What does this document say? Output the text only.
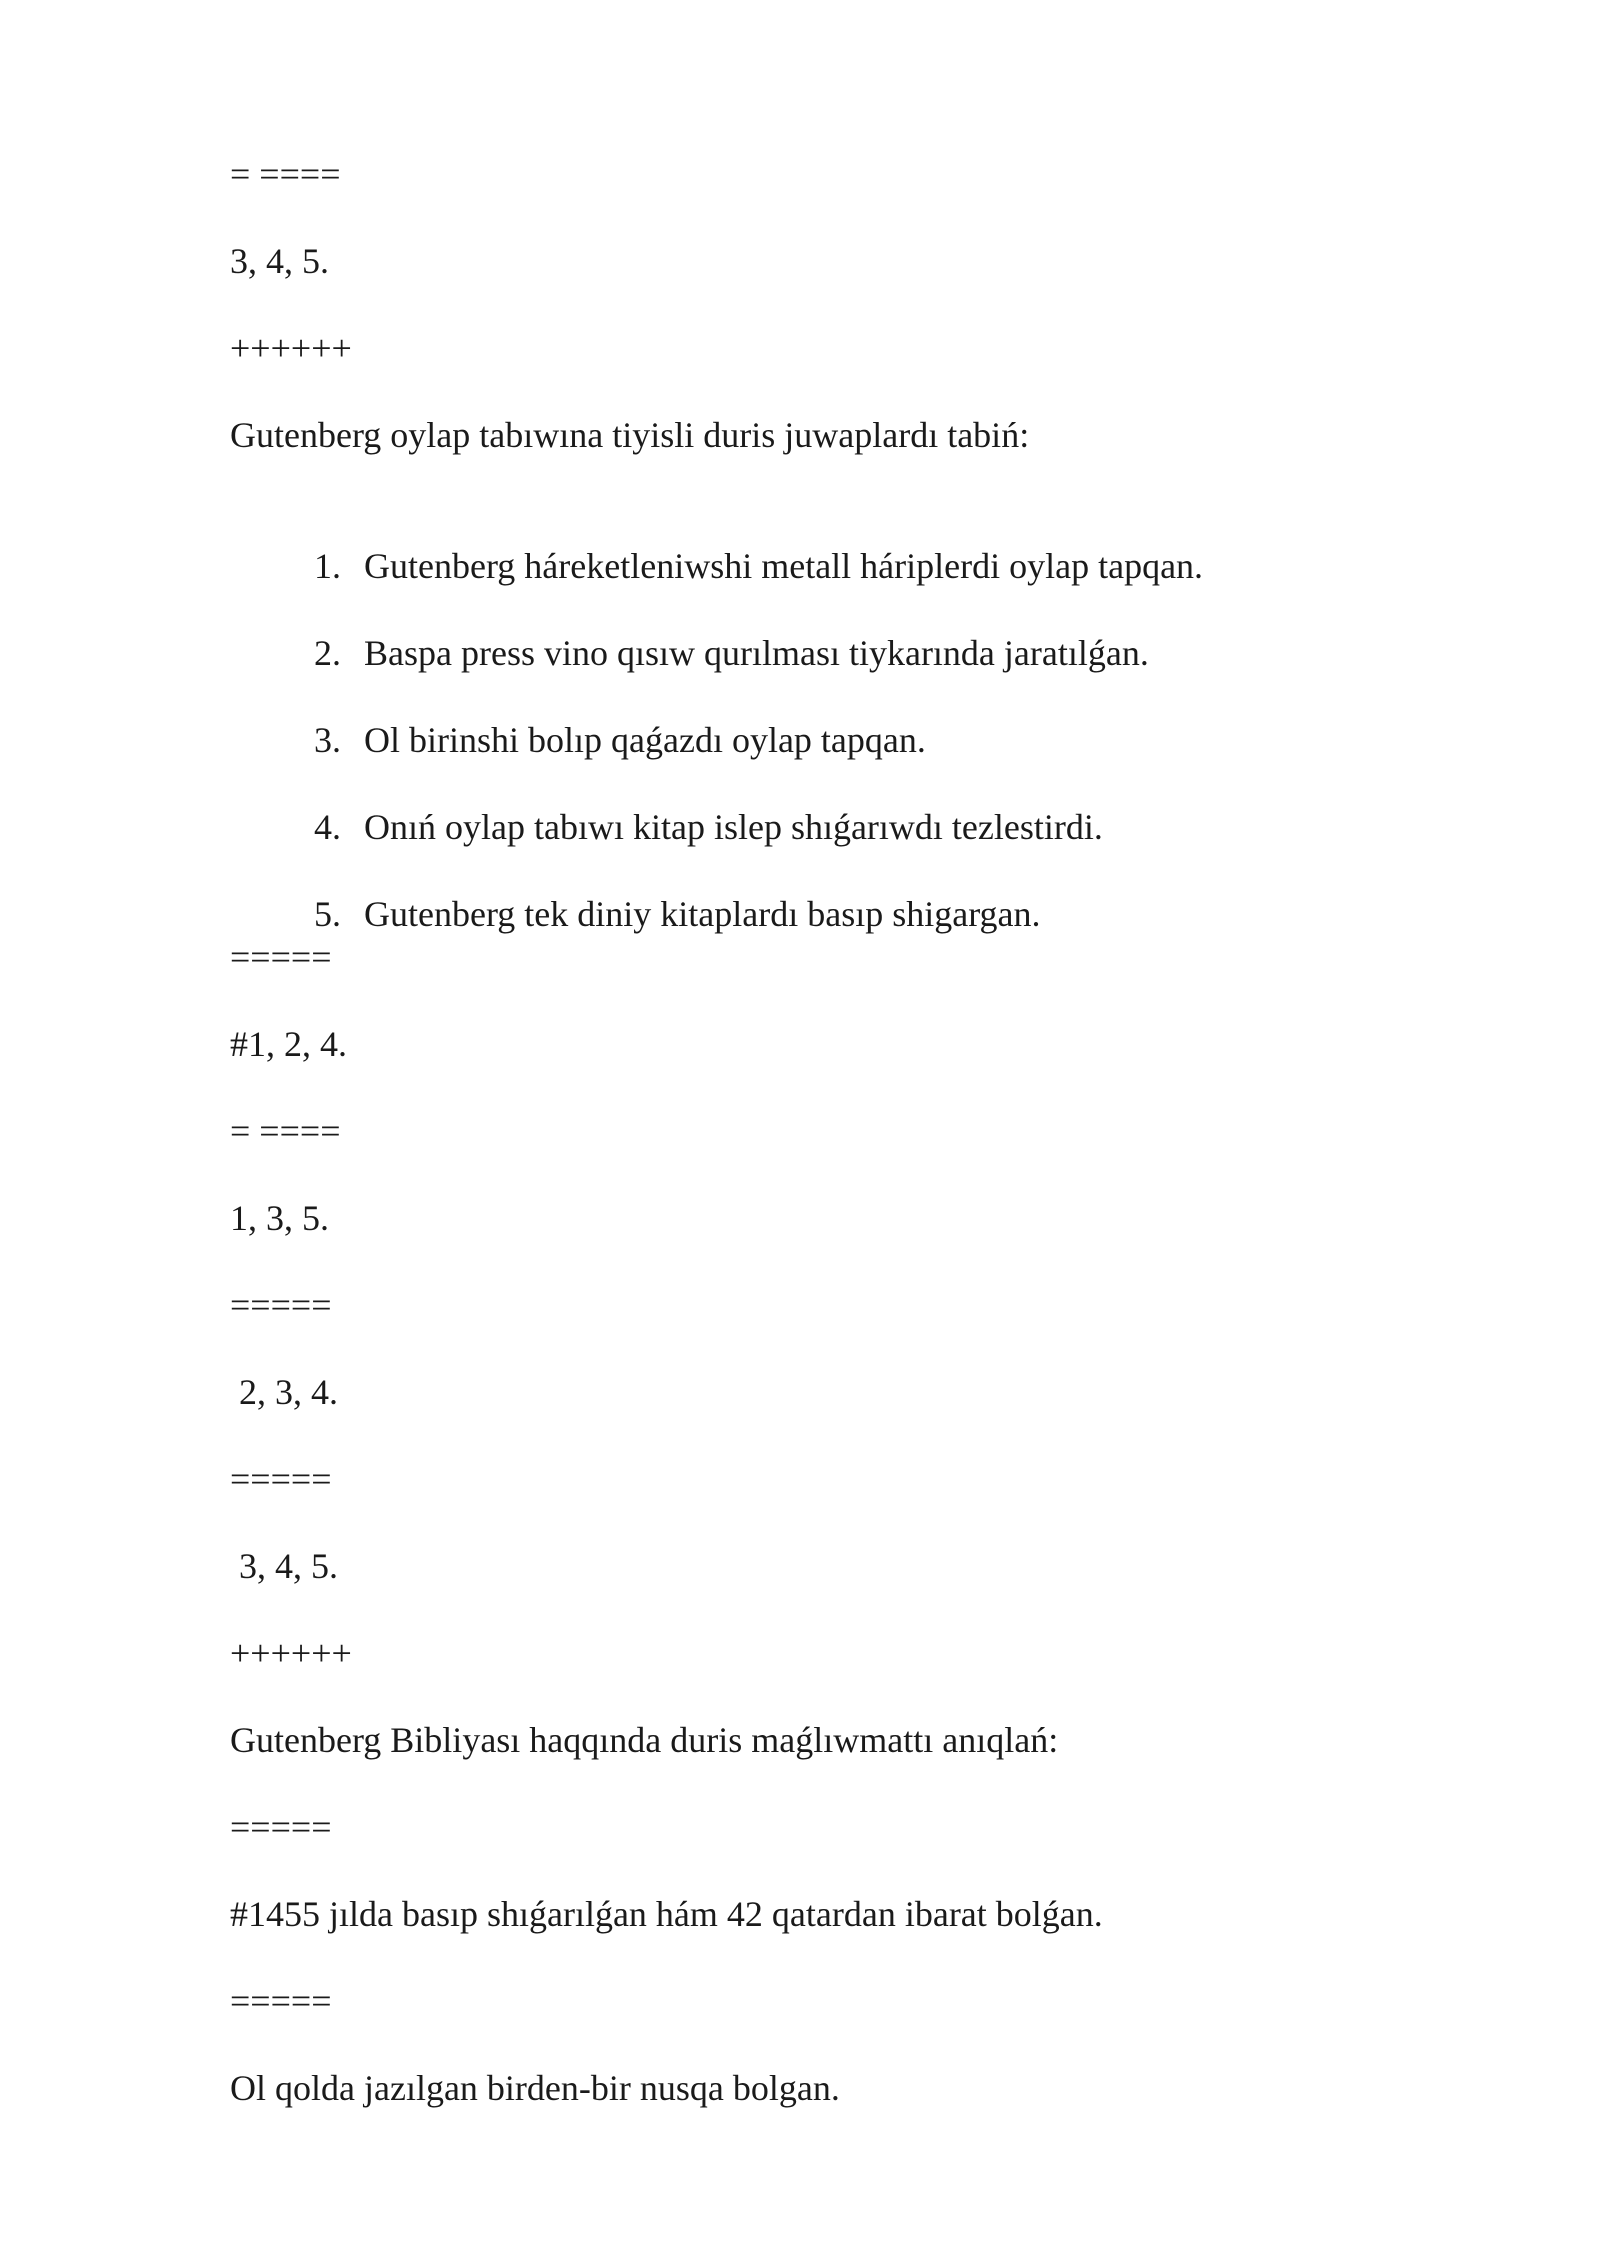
= ====
3, 4, 5.
++++++
Gutenberg oylap tabıwına tiyisli duris juwaplardı tabiń:

1. Gutenberg háreketleniwshi metall háriplerdi oylap tapqan.

2. Baspa press vino qısıw qurılması tiykarında jaratılǵan.

3. Ol birinshi bolıp qaǵazdı oylap tapqan.

4. Onıń oylap tabıwı kitap islep shıǵarıwdı tezlestirdi.

5. Gutenberg tek diniy kitaplardı basıp shigargan.

=====
#1, 2, 4.
= ====
1, 3, 5.
=====
2, 3, 4.
=====
3, 4, 5.
++++++
Gutenberg Bibliyası haqqında duris maǵlıwmattı anıqlań:
=====
#1455 jılda basıp shıǵarılǵan hám 42 qatardan ibarat bolǵan.
=====
Ol qolda jazılgan birden-bir nusqa bolgan.
